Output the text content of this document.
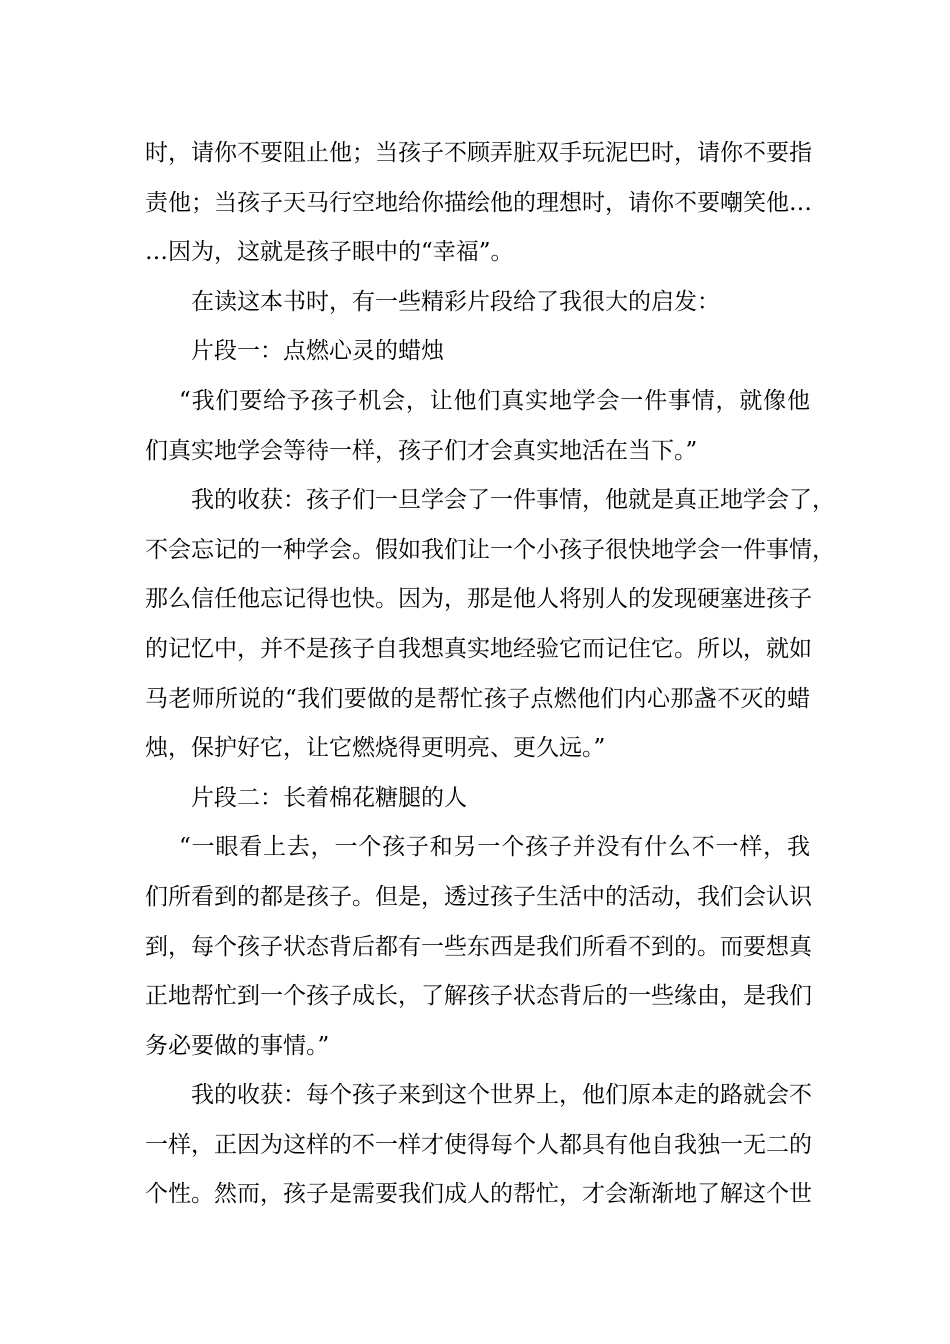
时，请你不要阻止他；当孩子不顾弄脏双手玩泥巴时，请你不要指
责他；当孩子天马行空地给你描绘他的理想时，请你不要嘲笑他…
…因为，这就是孩子眼中的“幸福”。
在读这本书时，有一些精彩片段给了我很大的启发：
片段一：点燃心灵的蜡烛
“我们要给予孩子机会，让他们真实地学会一件事情，就像他
们真实地学会等待一样，孩子们才会真实地活在当下。”
我的收获：孩子们一旦学会了一件事情，他就是真正地学会了，
不会忘记的一种学会。假如我们让一个小孩子很快地学会一件事情，
那么信任他忘记得也快。因为，那是他人将别人的发现硬塞进孩子
的记忆中，并不是孩子自我想真实地经验它而记住它。所以，就如
马老师所说的“我们要做的是帮忙孩子点燃他们内心那盏不灭的蜡
烛，保护好它，让它燃烧得更明亮、更久远。”
片段二：长着棉花糖腿的人
“一眼看上去，一个孩子和另一个孩子并没有什么不一样，我
们所看到的都是孩子。但是，透过孩子生活中的活动，我们会认识
到，每个孩子状态背后都有一些东西是我们所看不到的。而要想真
正地帮忙到一个孩子成长，了解孩子状态背后的一些缘由，是我们
务必要做的事情。”
我的收获：每个孩子来到这个世界上，他们原本走的路就会不
一样，正因为这样的不一样才使得每个人都具有他自我独一无二的
个性。然而，孩子是需要我们成人的帮忙，才会渐渐地了解这个世
